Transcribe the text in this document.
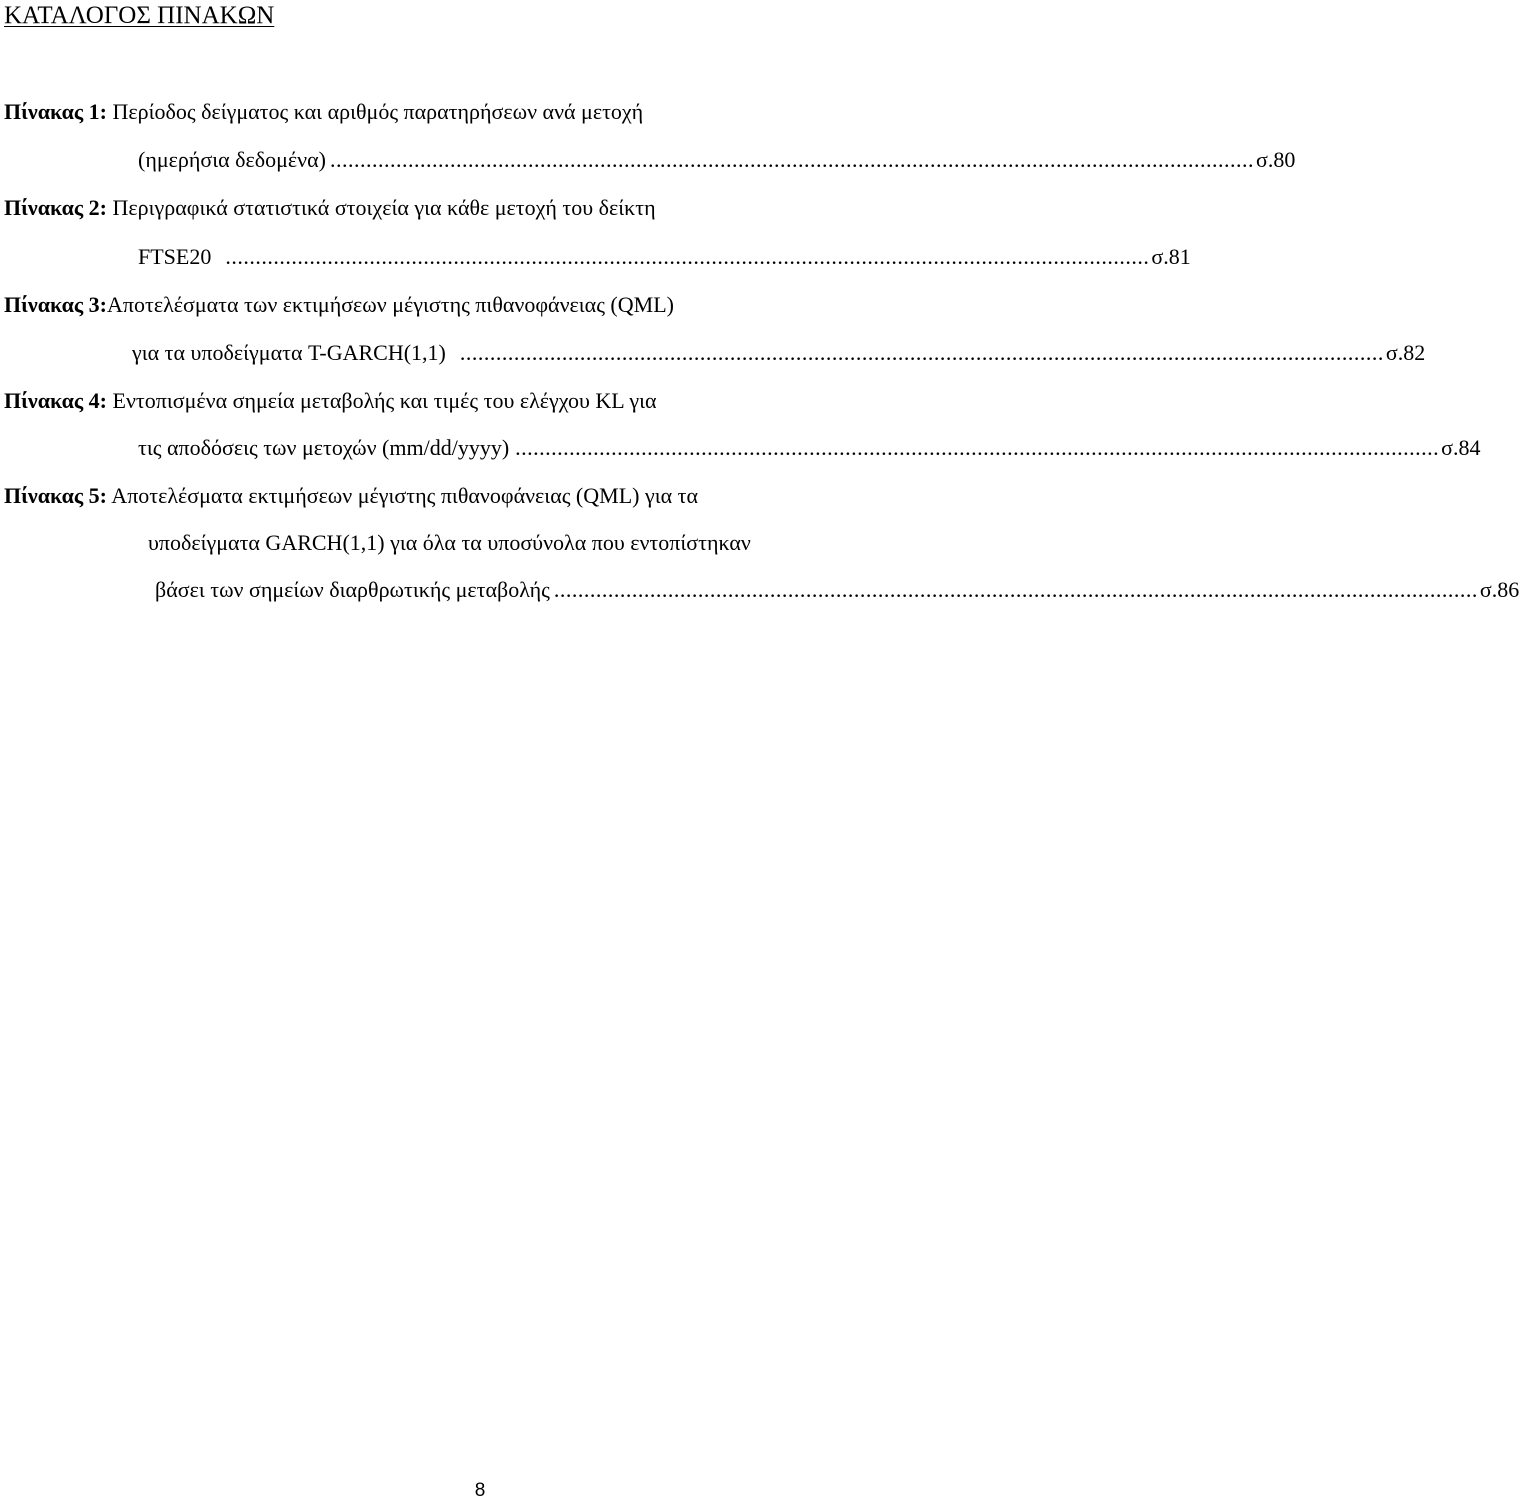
ΚΑΤΑΛΟΓΟΣ ΠΙΝΑΚΩΝ
Πίνακας 1: Περίοδος δείγματος και αριθμός παρατηρήσεων ανά μετοχή
(ημερήσια δεδομένα) .......................................................................................................................................................... σ.80
Πίνακας 2: Περιγραφικά στατιστικά στοιχεία για κάθε μετοχή του δείκτη
FTSE20 .......................................................................................................................................................... σ.81
Πίνακας 3:Αποτελέσματα των εκτιμήσεων μέγιστης πιθανοφάνειας (QML)
για τα υποδείγματα T-GARCH(1,1) .......................................................................................................................................................... σ.82
Πίνακας 4: Εντοπισμένα σημεία μεταβολής και τιμές του ελέγχου KL για
τις αποδόσεις των μετοχών (mm/dd/yyyy) .......................................................................................................................................................... σ.84
Πίνακας 5: Αποτελέσματα εκτιμήσεων μέγιστης πιθανοφάνειας (QML) για τα
υποδείγματα GARCH(1,1) για όλα τα υποσύνολα που εντοπίστηκαν
βάσει των σημείων διαρθρωτικής μεταβολής .......................................................................................................................................................... σ.86
8
